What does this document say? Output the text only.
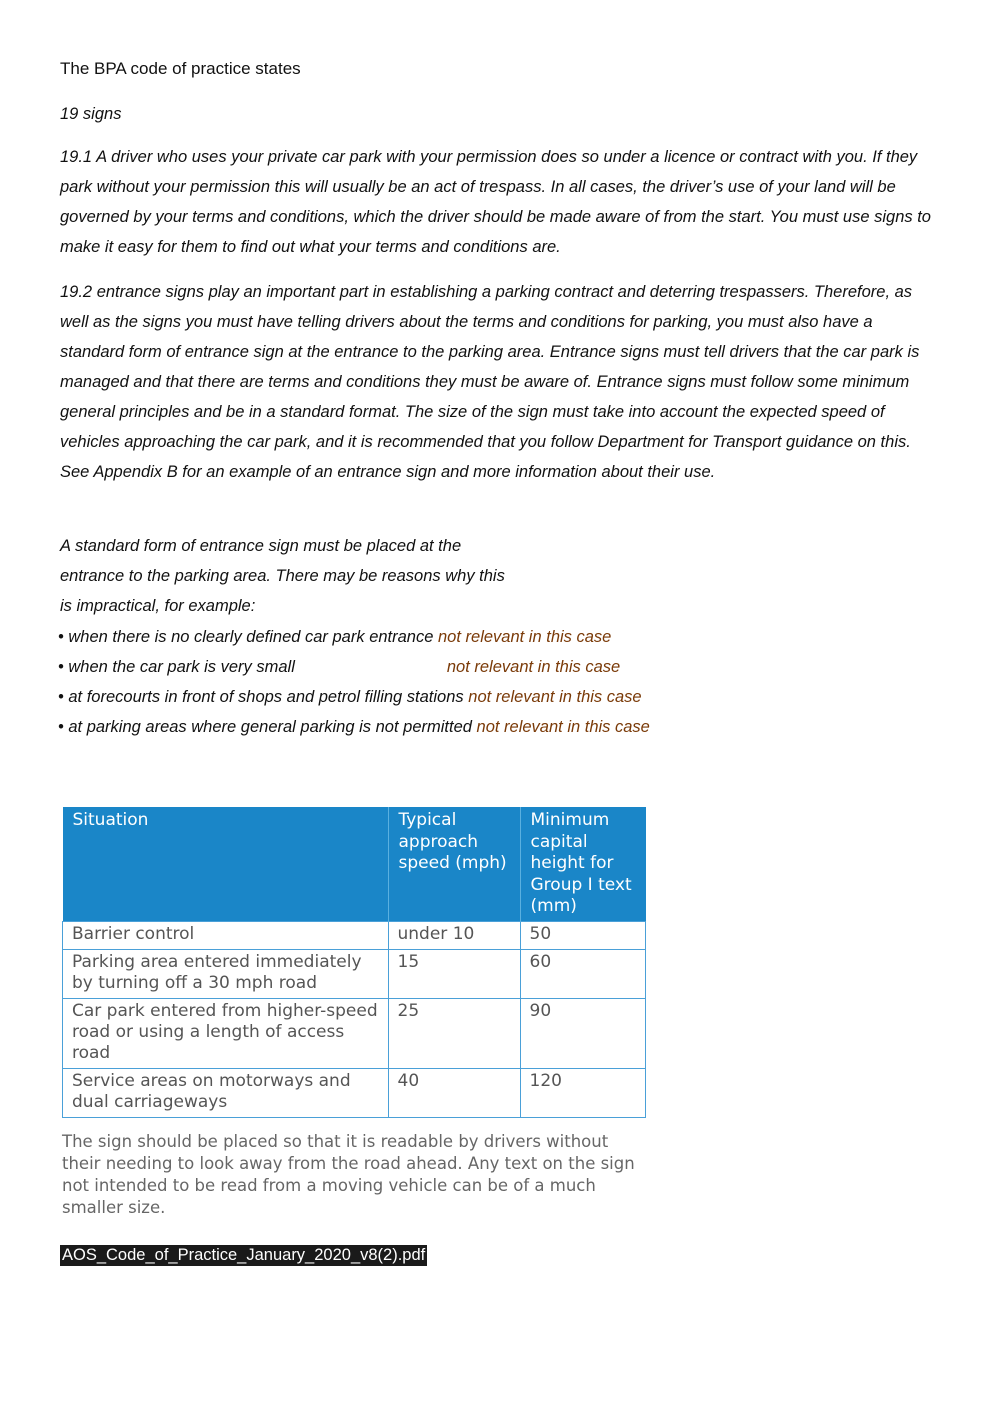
The BPA code of practice states
19 signs
19.1 A driver who uses your private car park with your permission does so under a licence or contract with you. If they park without your permission this will usually be an act of trespass. In all cases, the driver’s use of your land will be governed by your terms and conditions, which the driver should be made aware of from the start. You must use signs to make it easy for them to find out what your terms and conditions are.
19.2 entrance signs play an important part in establishing a parking contract and deterring trespassers. Therefore, as well as the signs you must have telling drivers about the terms and conditions for parking, you must also have a standard form of entrance sign at the entrance to the parking area. Entrance signs must tell drivers that the car park is managed and that there are terms and conditions they must be aware of. Entrance signs must follow some minimum general principles and be in a standard format. The size of the sign must take into account the expected speed of vehicles approaching the car park, and it is recommended that you follow Department for Transport guidance on this. See Appendix B for an example of an entrance sign and more information about their use.
A standard form of entrance sign must be placed at the entrance to the parking area. There may be reasons why this is impractical, for example:
• when there is no clearly defined car park entrance not relevant in this case
• when the car park is very small	not relevant in this case
• at forecourts in front of shops and petrol filling stations not relevant in this case
• at parking areas where general parking is not permitted not relevant in this case
Situation	Typical approach speed (mph)	Minimum capital height for Group I text (mm)
Barrier control	under 10	50
Parking area entered immediately by turning off a 30 mph road	15	60
Car park entered from higher-speed road or using a length of access road	25	90
Service areas on motorways and dual carriageways	40	120
The sign should be placed so that it is readable by drivers without their needing to look away from the road ahead. Any text on the sign not intended to be read from a moving vehicle can be of a much smaller size.
AOS_Code_of_Practice_January_2020_v8(2).pdf
